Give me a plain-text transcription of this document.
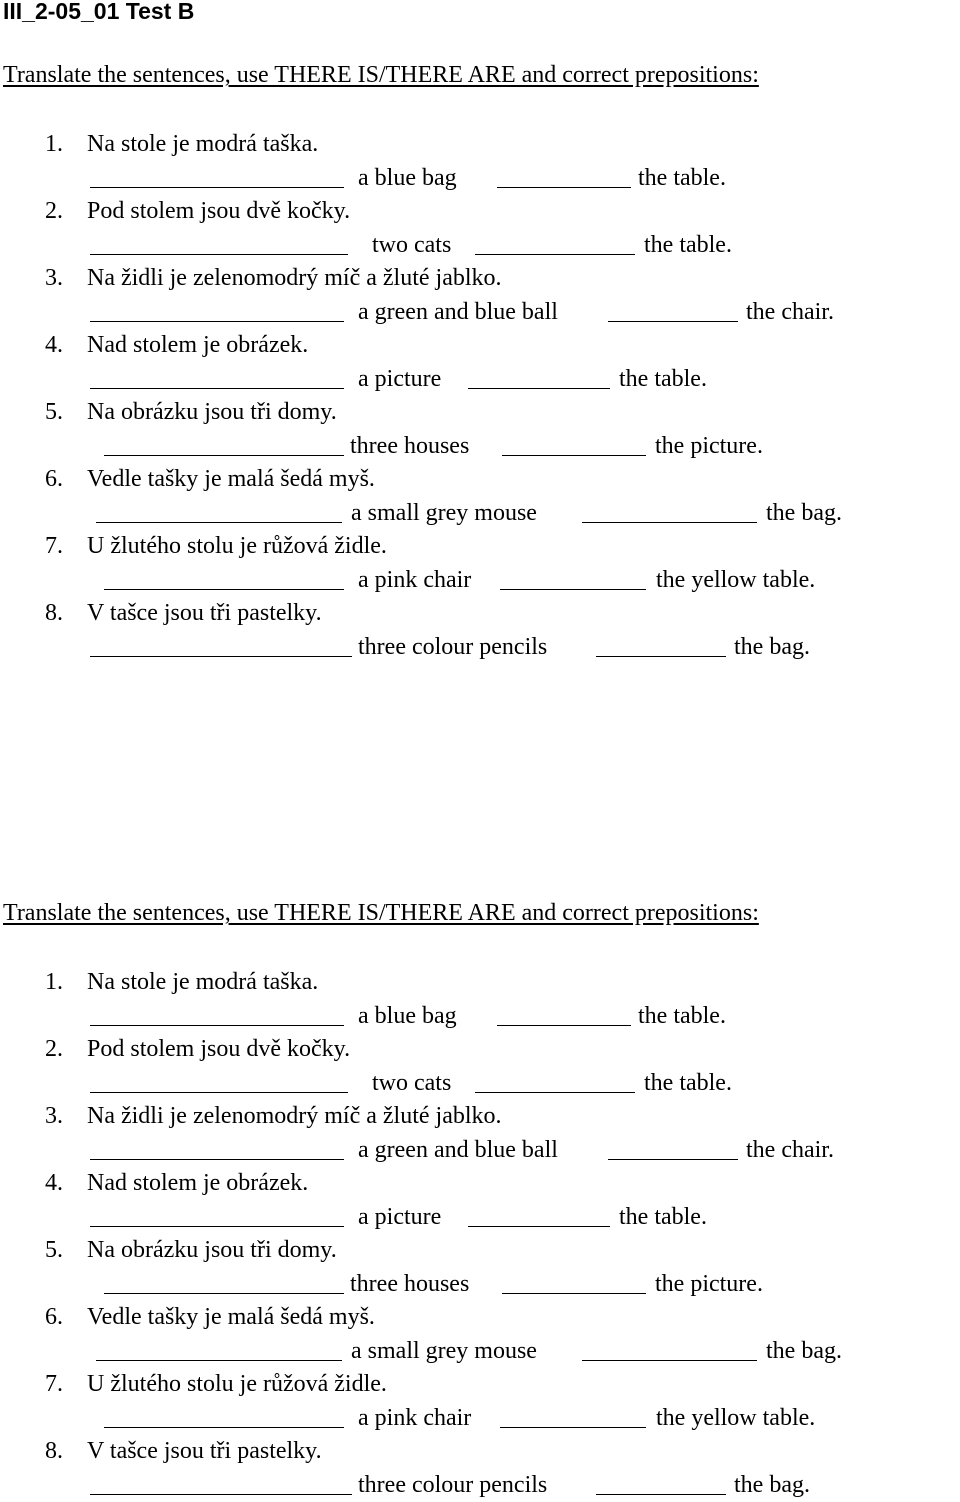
III_2-05_01 Test B
Translate the sentences, use THERE IS/THERE ARE and correct prepositions:
1. Na stole je modrá taška.
a blue bag	the table.
2. Pod stolem jsou dvě kočky.
two cats	the table.
3. Na židli je zelenomodrý míč a žluté jablko.
a green and blue ball	the chair.
4. Nad stolem je obrázek.
a picture	the table.
5. Na obrázku jsou tři domy.
three houses	the picture.
6. Vedle tašky je malá šedá myš.
a small grey mouse	the bag.
7. U žlutého stolu je růžová židle.
a pink chair	the yellow table.
8. V tašce jsou tři pastelky.
three colour pencils	the bag.
Translate the sentences, use THERE IS/THERE ARE and correct prepositions:
1. Na stole je modrá taška.
a blue bag	the table.
2. Pod stolem jsou dvě kočky.
two cats	the table.
3. Na židli je zelenomodrý míč a žluté jablko.
a green and blue ball	the chair.
4. Nad stolem je obrázek.
a picture	the table.
5. Na obrázku jsou tři domy.
three houses	the picture.
6. Vedle tašky je malá šedá myš.
a small grey mouse	the bag.
7. U žlutého stolu je růžová židle.
a pink chair	the yellow table.
8. V tašce jsou tři pastelky.
three colour pencils	the bag.
